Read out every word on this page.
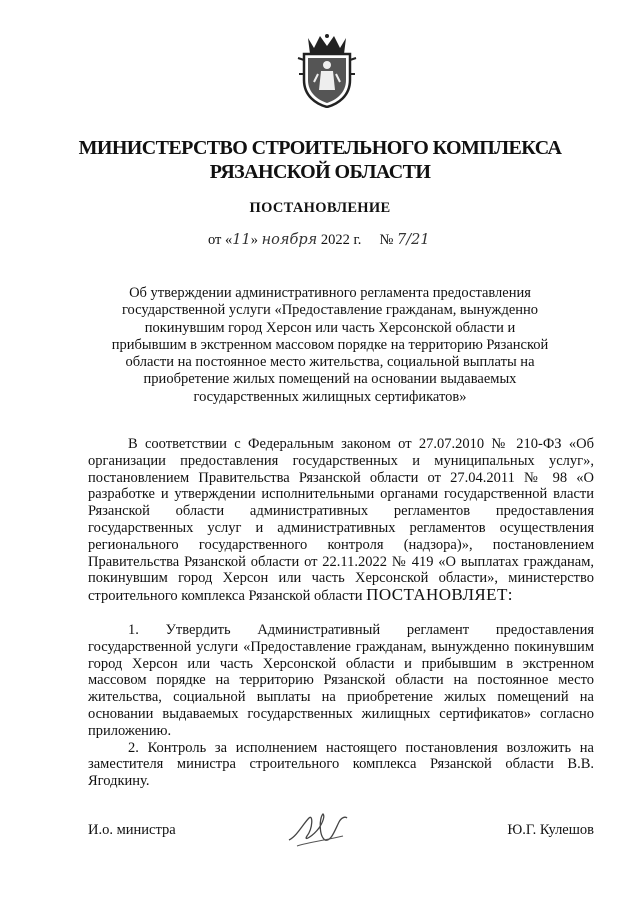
МИНИСТЕРСТВО СТРОИТЕЛЬНОГО КОМПЛЕКСА
РЯЗАНСКОЙ ОБЛАСТИ
ПОСТАНОВЛЕНИЕ
от «11» ноября 2022 г. № 7/21
Об утверждении административного регламента предоставления государственной услуги «Предоставление гражданам, вынужденно покинувшим город Херсон или часть Херсонской области и прибывшим в экстренном массовом порядке на территорию Рязанской области на постоянное место жительства, социальной выплаты на приобретение жилых помещений на основании выдаваемых государственных жилищных сертификатов»

В соответствии с Федеральным законом от 27.07.2010 № 210-ФЗ «Об организации предоставления государственных и муниципальных услуг», постановлением Правительства Рязанской области от 27.04.2011 № 98 «О разработке и утверждении исполнительными органами государственной власти Рязанской области административных регламентов предоставления государственных услуг и административных регламентов осуществления регионального государственного контроля (надзора)», постановлением Правительства Рязанской области от 22.11.2022 № 419 «О выплатах гражданам, покинувшим город Херсон или часть Херсонской области», министерство строительного комплекса Рязанской области ПОСТАНОВЛЯЕТ:

1. Утвердить Административный регламент предоставления государственной услуги «Предоставление гражданам, вынужденно покинувшим город Херсон или часть Херсонской области и прибывшим в экстренном массовом порядке на территорию Рязанской области на постоянное место жительства, социальной выплаты на приобретение жилых помещений на основании выдаваемых государственных жилищных сертификатов» согласно приложению.

2. Контроль за исполнением настоящего постановления возложить на заместителя министра строительного комплекса Рязанской области В.В. Ягодкину.

И.о. министра	Ю.Г. Кулешов
